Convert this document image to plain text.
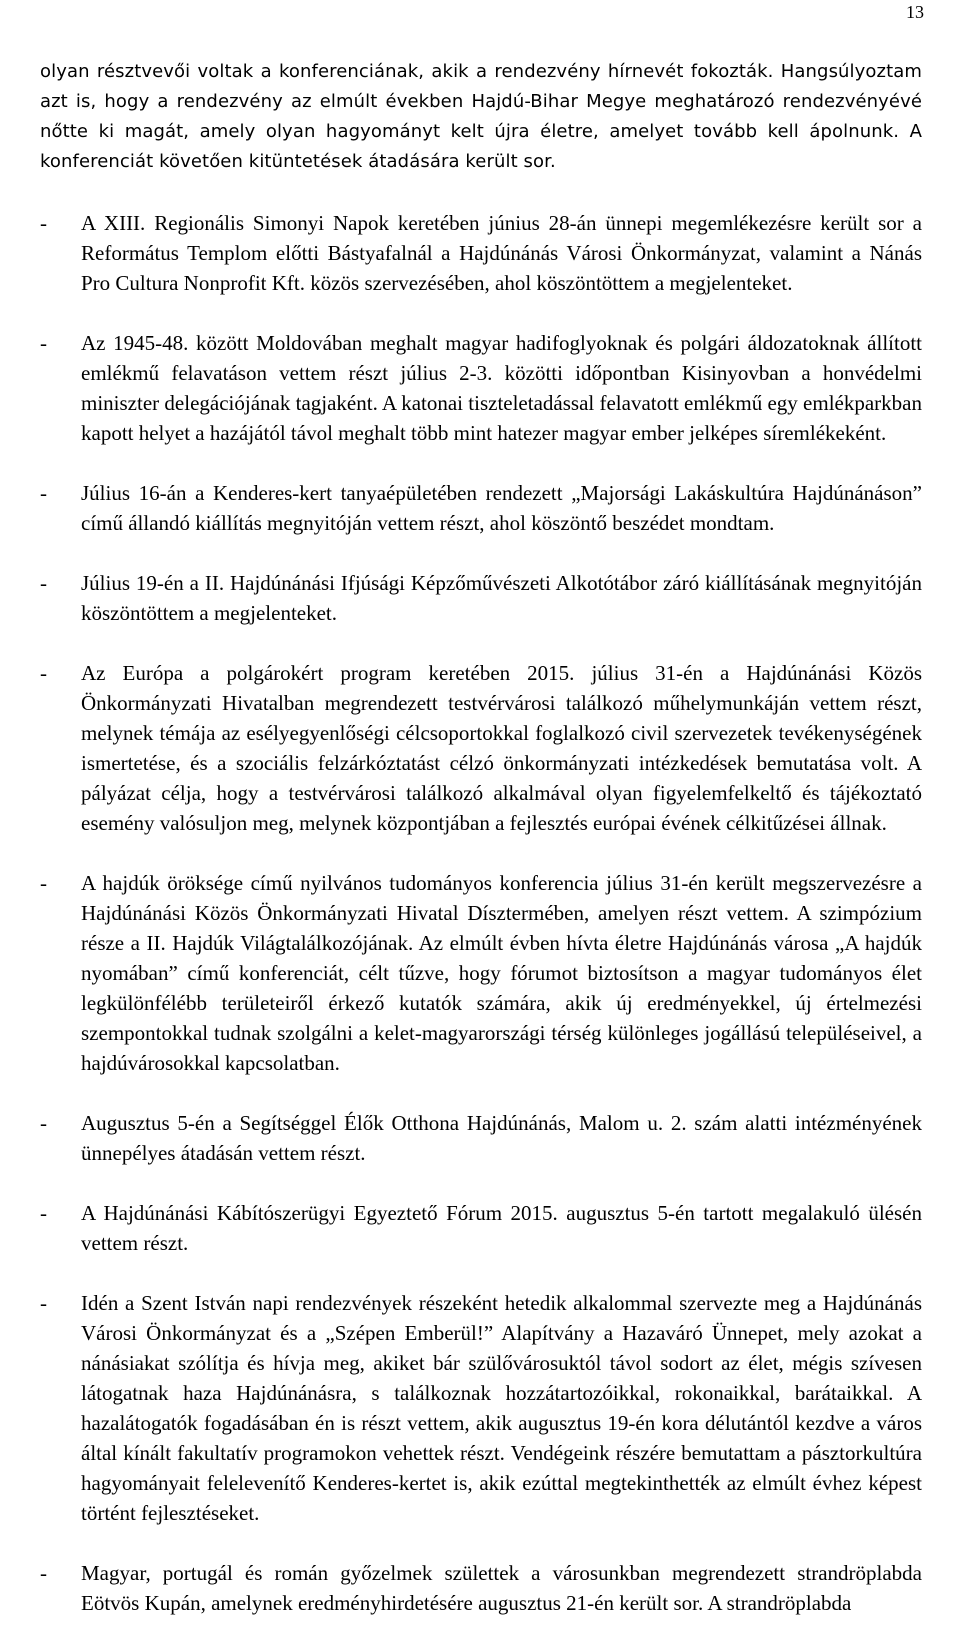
13

olyan résztvevői voltak a konferenciának, akik a rendezvény hírnevét fokozták. Hangsúlyoztam azt is, hogy a rendezvény az elmúlt években Hajdú-Bihar Megye meghatározó rendezvényévé nőtte ki magát, amely olyan hagyományt kelt újra életre, amelyet tovább kell ápolnunk. A konferenciát követően kitüntetések átadására került sor.

- A XIII. Regionális Simonyi Napok keretében június 28-án ünnepi megemlékezésre került sor a Református Templom előtti Bástyafalnál a Hajdúnánás Városi Önkormányzat, valamint a Nánás Pro Cultura Nonprofit Kft. közös szervezésében, ahol köszöntöttem a megjelenteket.
- Az 1945-48. között Moldovában meghalt magyar hadifoglyoknak és polgári áldozatoknak állított emlékmű felavatáson vettem részt július 2-3. közötti időpontban Kisinyovban a honvédelmi miniszter delegációjának tagjaként. A katonai tiszteletadással felavatott emlékmű egy emlékparkban kapott helyet a hazájától távol meghalt több mint hatezer magyar ember jelképes síremlékeként.
- Július 16-án a Kenderes-kert tanyaépületében rendezett „Majorsági Lakáskultúra Hajdúnánáson” című állandó kiállítás megnyitóján vettem részt, ahol köszöntő beszédet mondtam.
- Július 19-én a II. Hajdúnánási Ifjúsági Képzőművészeti Alkotótábor záró kiállításának megnyitóján köszöntöttem a megjelenteket.
- Az Európa a polgárokért program keretében 2015. július 31-én a Hajdúnánási Közös Önkormányzati Hivatalban megrendezett testvérvárosi találkozó műhelymunkáján vettem részt, melynek témája az esélyegyenlőségi célcsoportokkal foglalkozó civil szervezetek tevékenységének ismertetése, és a szociális felzárkóztatást célzó önkormányzati intézkedések bemutatása volt. A pályázat célja, hogy a testvérvárosi találkozó alkalmával olyan figyelemfelkeltő és tájékoztató esemény valósuljon meg, melynek központjában a fejlesztés európai évének célkitűzései állnak.
- A hajdúk öröksége című nyilvános tudományos konferencia július 31-én került megszervezésre a Hajdúnánási Közös Önkormányzati Hivatal Dísztermében, amelyen részt vettem. A szimpózium része a II. Hajdúk Világtalálkozójának. Az elmúlt évben hívta életre Hajdúnánás városa „A hajdúk nyomában” című konferenciát, célt tűzve, hogy fórumot biztosítson a magyar tudományos élet legkülönfélébb területeiről érkező kutatók számára, akik új eredményekkel, új értelmezési szempontokkal tudnak szolgálni a kelet-magyarországi térség különleges jogállású településeivel, a hajdúvárosokkal kapcsolatban.
- Augusztus 5-én a Segítséggel Élők Otthona Hajdúnánás, Malom u. 2. szám alatti intézményének ünnepélyes átadásán vettem részt.
- A Hajdúnánási Kábítószerügyi Egyeztető Fórum 2015. augusztus 5-én tartott megalakuló ülésén vettem részt.
- Idén a Szent István napi rendezvények részeként hetedik alkalommal szervezte meg a Hajdúnánás Városi Önkormányzat és a „Szépen Emberül!” Alapítvány a Hazaváró Ünnepet, mely azokat a nánásiakat szólítja és hívja meg, akiket bár szülővárosuktól távol sodort az élet, mégis szívesen látogatnak haza Hajdúnánásra, s találkoznak hozzátartozóikkal, rokonaikkal, barátaikkal. A hazalátogatók fogadásában én is részt vettem, akik augusztus 19-én kora délutántól kezdve a város által kínált fakultatív programokon vehettek részt. Vendégeink részére bemutattam a pásztorkultúra hagyományait felelevenítő Kenderes-kertet is, akik ezúttal megtekinthették az elmúlt évhez képest történt fejlesztéseket.
- Magyar, portugál és román győzelmek születtek a városunkban megrendezett strandröplabda Eötvös Kupán, amelynek eredményhirdetésére augusztus 21-én került sor. A strandröplabda
